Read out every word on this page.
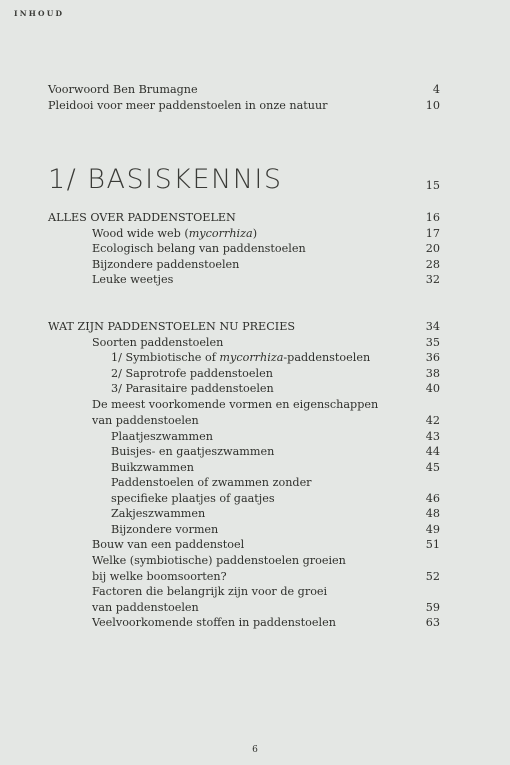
INHOUD
Voorwoord Ben Brumagne	4
Pleidooi voor meer paddenstoelen in onze natuur	10
1/ BASISKENNIS	15
ALLES OVER PADDENSTOELEN	16
Wood wide web (mycorrhiza)	17
Ecologisch belang van paddenstoelen	20
Bijzondere paddenstoelen	28
Leuke weetjes	32
WAT ZIJN PADDENSTOELEN NU PRECIES	34
Soorten paddenstoelen	35
1/ Symbiotische of mycorrhiza-paddenstoelen	36
2/ Saprotrofe paddenstoelen	38
3/ Parasitaire paddenstoelen	40
De meest voorkomende vormen en eigenschappen
van paddenstoelen	42
Plaatjeszwammen	43
Buisjes- en gaatjeszwammen	44
Buikzwammen	45
Paddenstoelen of zwammen zonder
specifieke plaatjes of gaatjes	46
Zakjeszwammen	48
Bijzondere vormen	49
Bouw van een paddenstoel	51
Welke (symbiotische) paddenstoelen groeien
bij welke boomsoorten?	52
Factoren die belangrijk zijn voor de groei
van paddenstoelen	59
Veelvoorkomende stoffen in paddenstoelen	63
6
